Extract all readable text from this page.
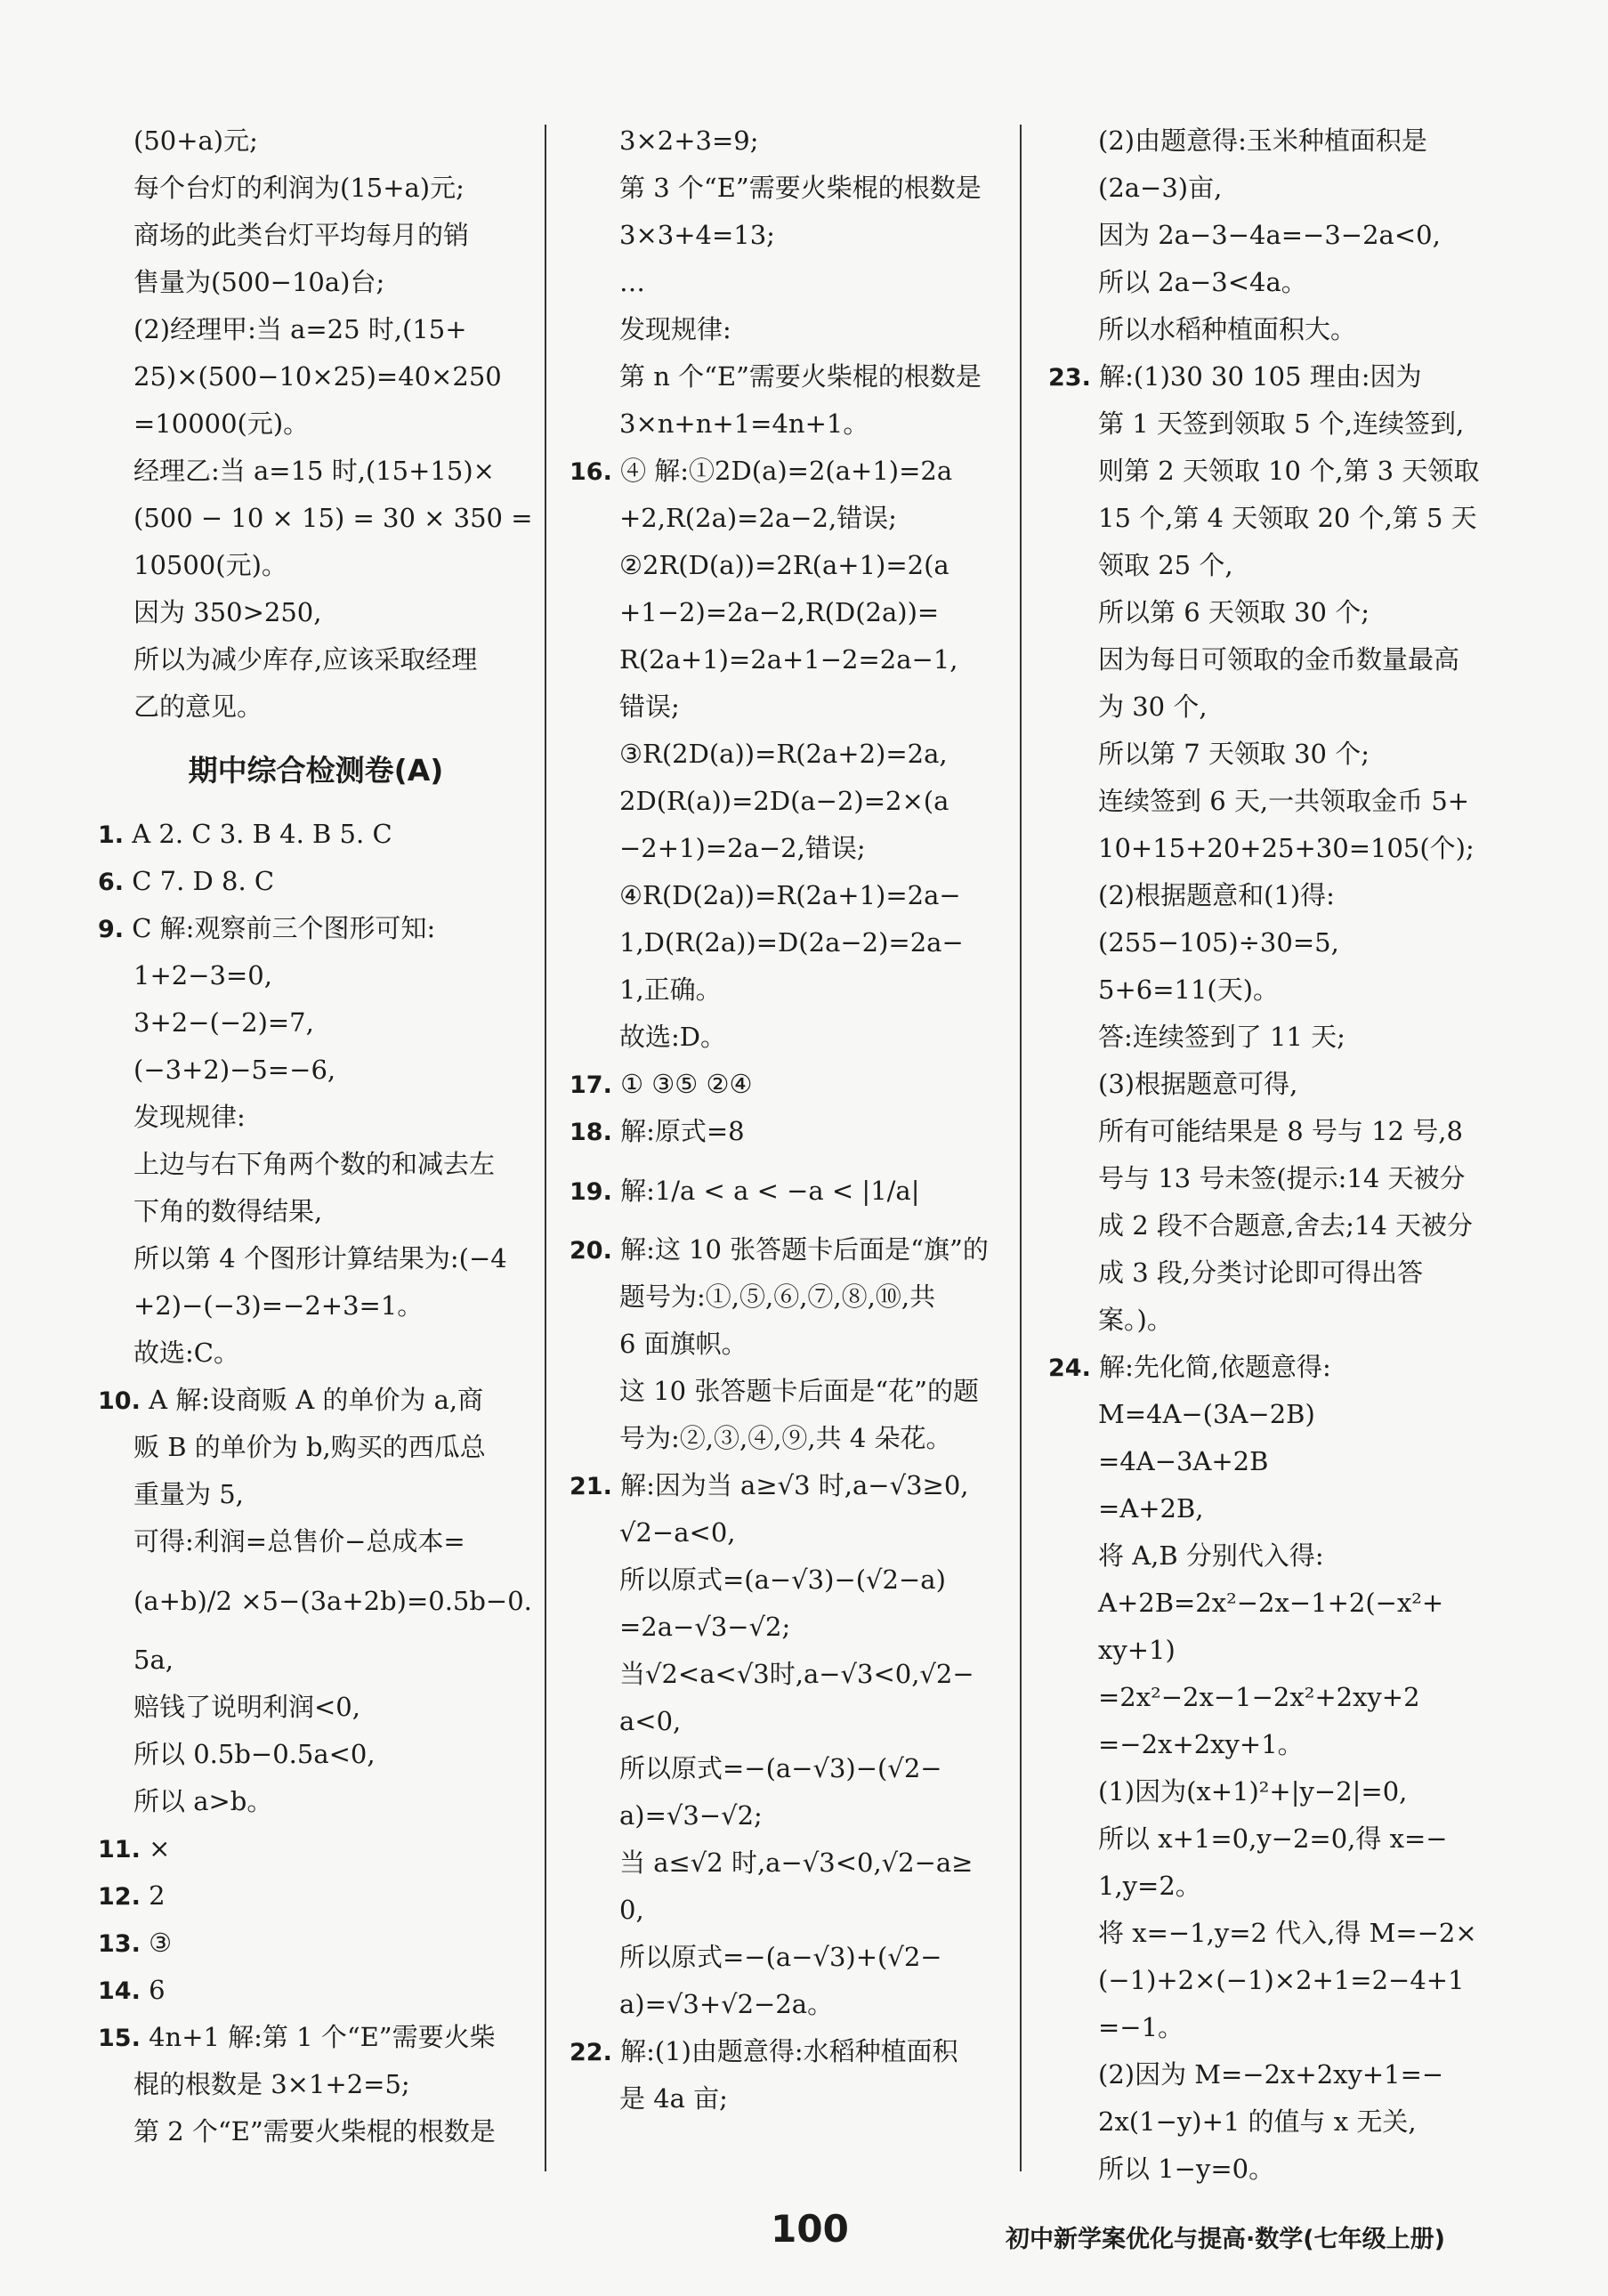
(50+a)元;
每个台灯的利润为(15+a)元;
商场的此类台灯平均每月的销
售量为(500−10a)台;
(2)经理甲:当 a=25 时,(15+
25)×(500−10×25)=40×250
=10000(元)。
经理乙:当 a=15 时,(15+15)×
(500 − 10 × 15) = 30 × 350 =
10500(元)。
因为 350>250,
所以为减少库存,应该采取经理
乙的意见。
期中综合检测卷(A)
1. A 2. C 3. B 4. B 5. C
6. C 7. D 8. C
9. C 解:观察前三个图形可知:
1+2−3=0,
3+2−(−2)=7,
(−3+2)−5=−6,
发现规律:
上边与右下角两个数的和减去左
下角的数得结果,
所以第 4 个图形计算结果为:(−4
+2)−(−3)=−2+3=1。
故选:C。
10. A 解:设商贩 A 的单价为 a,商
贩 B 的单价为 b,购买的西瓜总
重量为 5,
可得:利润=总售价−总成本=
(a+b)/2 ×5−(3a+2b)=0.5b−0.
5a,
赔钱了说明利润<0,
所以 0.5b−0.5a<0,
所以 a>b。
11. ×
12. 2
13. ③
14. 6
15. 4n+1 解:第 1 个“E”需要火柴
棍的根数是 3×1+2=5;
第 2 个“E”需要火柴棍的根数是
3×2+3=9;
第 3 个“E”需要火柴棍的根数是
3×3+4=13;
…
发现规律:
第 n 个“E”需要火柴棍的根数是
3×n+n+1=4n+1。
16. ④ 解:①2D(a)=2(a+1)=2a
+2,R(2a)=2a−2,错误;
②2R(D(a))=2R(a+1)=2(a
+1−2)=2a−2,R(D(2a))=
R(2a+1)=2a+1−2=2a−1,
错误;
③R(2D(a))=R(2a+2)=2a,
2D(R(a))=2D(a−2)=2×(a
−2+1)=2a−2,错误;
④R(D(2a))=R(2a+1)=2a−
1,D(R(2a))=D(2a−2)=2a−
1,正确。
故选:D。
17. ① ③⑤ ②④
18. 解:原式=8
19. 解:1/a < a < −a < |1/a|
20. 解:这 10 张答题卡后面是“旗”的
题号为:①,⑤,⑥,⑦,⑧,⑩,共
6 面旗帜。
这 10 张答题卡后面是“花”的题
号为:②,③,④,⑨,共 4 朵花。
21. 解:因为当 a≥√3 时,a−√3≥0,
√2−a<0,
所以原式=(a−√3)−(√2−a)
=2a−√3−√2;
当√2<a<√3时,a−√3<0,√2−
a<0,
所以原式=−(a−√3)−(√2−
a)=√3−√2;
当 a≤√2 时,a−√3<0,√2−a≥
0,
所以原式=−(a−√3)+(√2−
a)=√3+√2−2a。
22. 解:(1)由题意得:水稻种植面积
是 4a 亩;
(2)由题意得:玉米种植面积是
(2a−3)亩,
因为 2a−3−4a=−3−2a<0,
所以 2a−3<4a。
所以水稻种植面积大。
23. 解:(1)30 30 105 理由:因为
第 1 天签到领取 5 个,连续签到,
则第 2 天领取 10 个,第 3 天领取
15 个,第 4 天领取 20 个,第 5 天
领取 25 个,
所以第 6 天领取 30 个;
因为每日可领取的金币数量最高
为 30 个,
所以第 7 天领取 30 个;
连续签到 6 天,一共领取金币 5+
10+15+20+25+30=105(个);
(2)根据题意和(1)得:
(255−105)÷30=5,
5+6=11(天)。
答:连续签到了 11 天;
(3)根据题意可得,
所有可能结果是 8 号与 12 号,8
号与 13 号未签(提示:14 天被分
成 2 段不合题意,舍去;14 天被分
成 3 段,分类讨论即可得出答
案。)。
24. 解:先化简,依题意得:
M=4A−(3A−2B)
=4A−3A+2B
=A+2B,
将 A,B 分别代入得:
A+2B=2x²−2x−1+2(−x²+
xy+1)
=2x²−2x−1−2x²+2xy+2
=−2x+2xy+1。
(1)因为(x+1)²+|y−2|=0,
所以 x+1=0,y−2=0,得 x=−
1,y=2。
将 x=−1,y=2 代入,得 M=−2×
(−1)+2×(−1)×2+1=2−4+1
=−1。
(2)因为 M=−2x+2xy+1=−
2x(1−y)+1 的值与 x 无关,
所以 1−y=0。
100	初中新学案优化与提高·数学(七年级上册)
